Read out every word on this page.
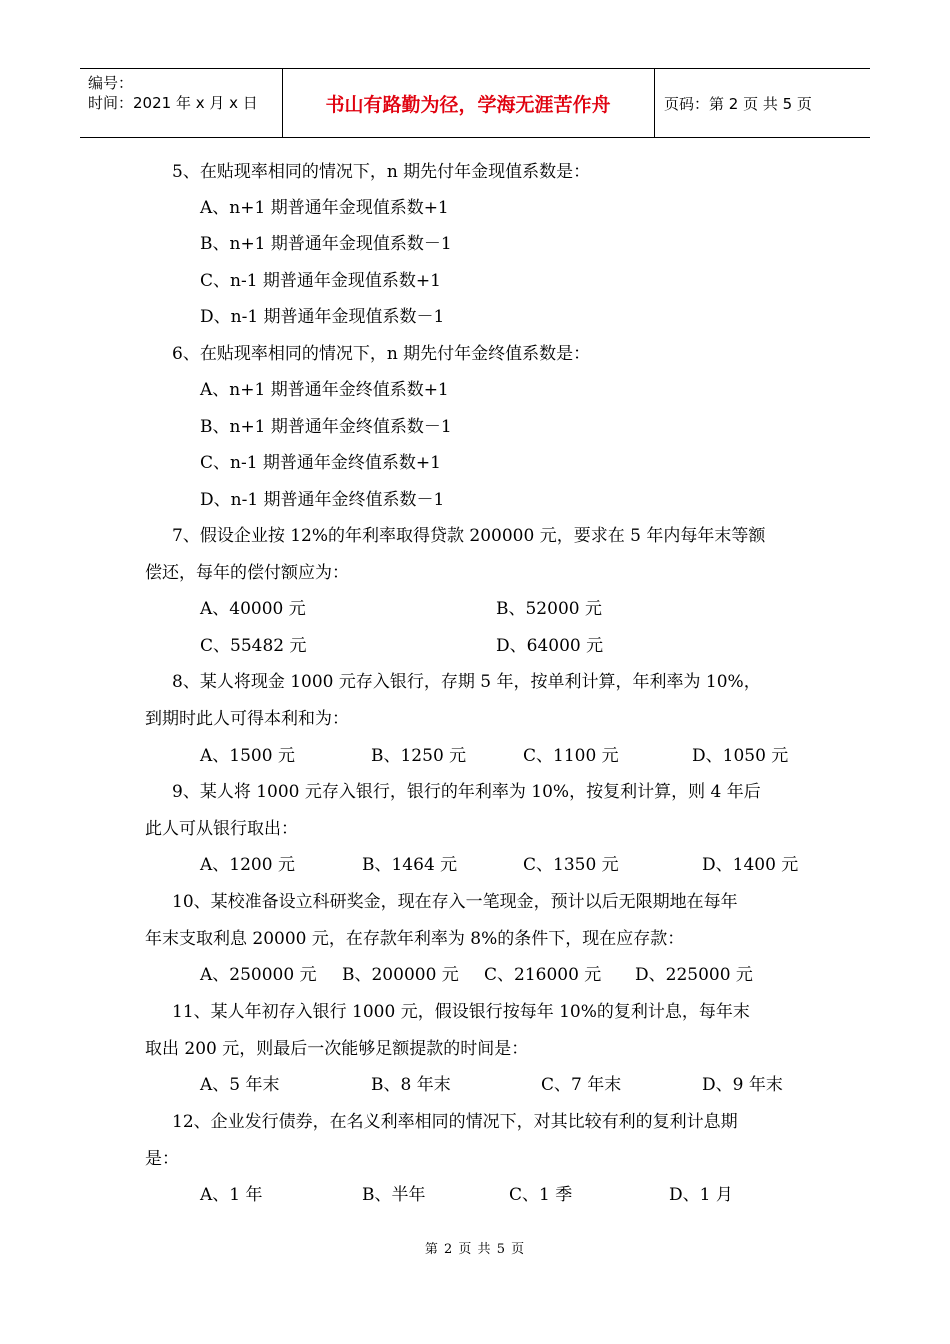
编号：
时间：2021 年 x 月 x 日	书山有路勤为径，学海无涯苦作舟	页码：第 2 页 共 5 页
5、在贴现率相同的情况下，n 期先付年金现值系数是：
A、n+1 期普通年金现值系数+1
B、n+1 期普通年金现值系数－1
C、n-1 期普通年金现值系数+1
D、n-1 期普通年金现值系数－1
6、在贴现率相同的情况下，n 期先付年金终值系数是：
A、n+1 期普通年金终值系数+1
B、n+1 期普通年金终值系数－1
C、n-1 期普通年金终值系数+1
D、n-1 期普通年金终值系数－1
7、假设企业按 12%的年利率取得贷款 200000 元，要求在 5 年内每年末等额
偿还，每年的偿付额应为：
A、40000 元	B、52000 元
C、55482 元	D、64000 元
8、某人将现金 1000 元存入银行，存期 5 年，按单利计算，年利率为 10%，
到期时此人可得本利和为：
A、1500 元	B、1250 元	C、1100 元	D、1050 元
9、某人将 1000 元存入银行，银行的年利率为 10%，按复利计算，则 4 年后
此人可从银行取出：
A、1200 元	B、1464 元	C、1350 元	D、1400 元
10、某校准备设立科研奖金，现在存入一笔现金，预计以后无限期地在每年
年末支取利息 20000 元，在存款年利率为 8%的条件下，现在应存款：
A、250000 元 B、200000 元 C、216000 元 D、225000 元
11、某人年初存入银行 1000 元，假设银行按每年 10%的复利计息，每年末
取出 200 元，则最后一次能够足额提款的时间是：
A、5 年末	B、8 年末	C、7 年末	D、9 年末
12、企业发行债券，在名义利率相同的情况下，对其比较有利的复利计息期
是：
A、1 年	B、半年	C、1 季	D、1 月
第 2 页 共 5 页
